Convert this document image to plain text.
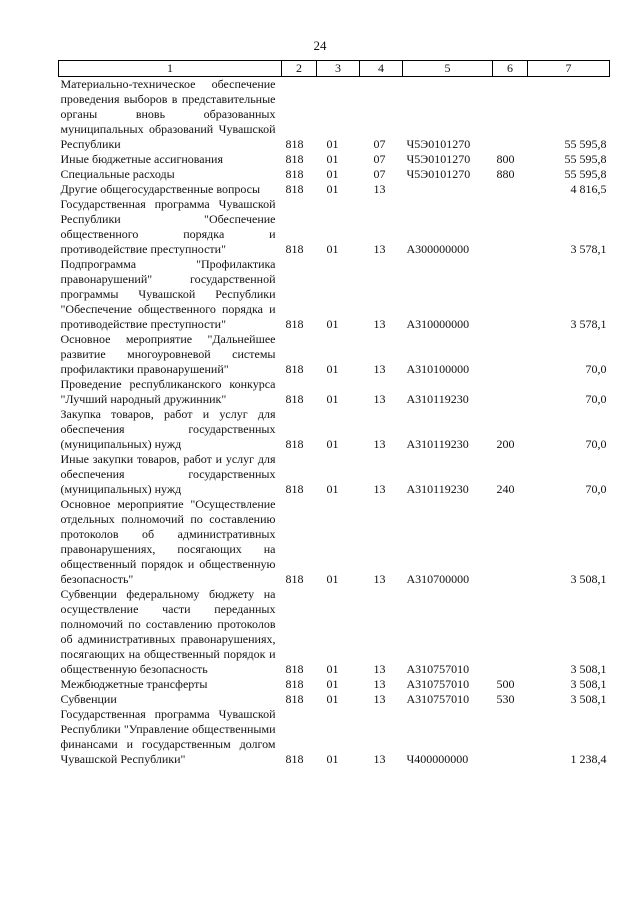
24
1	2	3	4	5	6	7
Материально-техническое обеспечение проведения выборов в представительные органы вновь образованных муниципальных образований Чувашской Республики	818	01	07	Ч5Э0101270		55 595,8
Иные бюджетные ассигнования	818	01	07	Ч5Э0101270	800	55 595,8
Специальные расходы	818	01	07	Ч5Э0101270	880	55 595,8
Другие общегосударственные вопросы	818	01	13			4 816,5
Государственная программа Чувашской Республики "Обеспечение общественного порядка и противодействие преступности"	818	01	13	А300000000		3 578,1
Подпрограмма "Профилактика правонарушений" государственной программы Чувашской Республики "Обеспечение общественного порядка и противодействие преступности"	818	01	13	А310000000		3 578,1
Основное мероприятие "Дальнейшее развитие многоуровневой системы профилактики правонарушений"	818	01	13	А310100000		70,0
Проведение республиканского конкурса "Лучший народный дружинник"	818	01	13	А310119230		70,0
Закупка товаров, работ и услуг для обеспечения государственных (муниципальных) нужд	818	01	13	А310119230	200	70,0
Иные закупки товаров, работ и услуг для обеспечения государственных (муниципальных) нужд	818	01	13	А310119230	240	70,0
Основное мероприятие "Осуществление отдельных полномочий по составлению протоколов об административных правонарушениях, посягающих на общественный порядок и общественную безопасность"	818	01	13	А310700000		3 508,1
Субвенции федеральному бюджету на осуществление части переданных полномочий по составлению протоколов об административных правонарушениях, посягающих на общественный порядок и общественную безопасность	818	01	13	А310757010		3 508,1
Межбюджетные трансферты	818	01	13	А310757010	500	3 508,1
Субвенции	818	01	13	А310757010	530	3 508,1
Государственная программа Чувашской Республики "Управление общественными финансами и государственным долгом Чувашской Республики"	818	01	13	Ч400000000		1 238,4
